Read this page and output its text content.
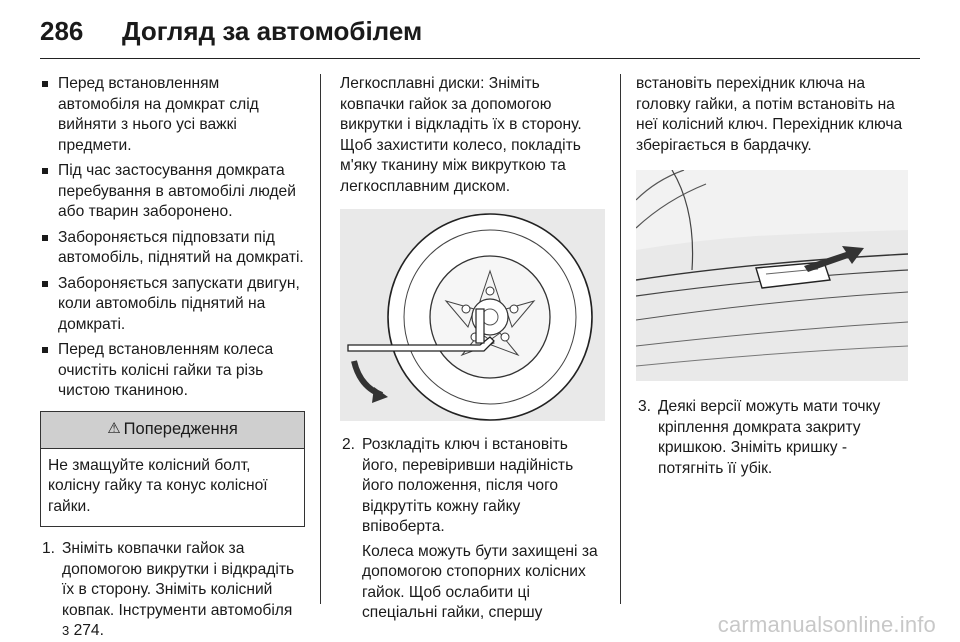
286 Догляд за автомобілем
Перед встановленням автомобіля на домкрат слід вийняти з нього усі важкі предмети.
Під час застосування домкрата перебування в автомобілі людей або тварин заборонено.
Забороняється підповзати під автомобіль, піднятий на домкраті.
Забороняється запускати двигун, коли автомобіль піднятий на домкраті.
Перед встановленням колеса очистіть колісні гайки та різь чистою тканиною.
⚠ Попередження
Не змащуйте колісний болт, колісну гайку та конус колісної гайки.
1. Зніміть ковпачки гайок за допомогою викрутки і відкрадіть їх в сторону. Зніміть колісний ковпак. Інструменти автомобіля
3 274.

Легкосплавні диски: Зніміть ковпачки гайок за допомогою викрутки і відкладіть їх в сторону. Щоб захистити колесо, покладіть м'яку тканину між викруткою та легкосплавним диском.

2. Розкладіть ключ і встановіть його, перевіривши надійність його положення, після чого відкрутіть кожну гайку впівоберта.

Колеса можуть бути захищені за допомогою стопорних колісних гайок. Щоб ослабити ці спеціальні гайки, спершу

встановіть перехідник ключа на головку гайки, а потім встановіть на неї колісний ключ. Перехідник ключа зберігається в бардачку.

3. Деякі версії можуть мати точку кріплення домкрата закриту кришкою. Зніміть кришку - потягніть її убік.

carmanualsonline.info
